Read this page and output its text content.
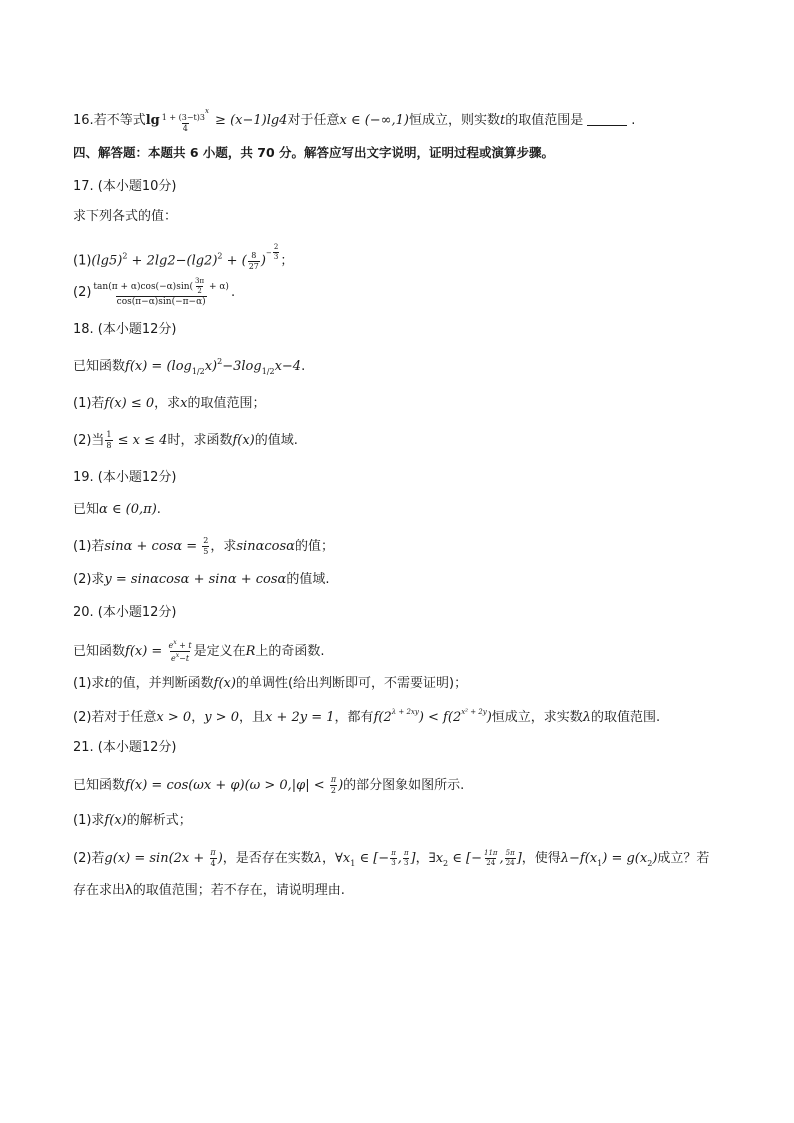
16.若不等式$\lg \frac{1 + (3-t)3^x}{4} \ge (x-1)\lg 4$对于任意x ∈ (−∞,1)恒成立，则实数t的取值范围是	.
四、解答题：本题共 6 小题，共 70 分。解答应写出文字说明，证明过程或演算步骤。
17. (本小题10分)
求下列各式的值：
$(1)(\lg 5)^2 + 2\lg 2-(\lg 2)^2$ + ( $\frac{8}{27} )^{- \frac{2}{3}}$ ；
$(2) \frac{\tan(\pi + \alpha)\cos(-\alpha)\sin( \frac{3\pi}{2} + \alpha)}{\cos(\pi-\alpha)\sin(-\pi-\alpha)}$ .
18. (本小题12分)
已知函数$f(x) = (\log_{1/2}x)^2-3\log_{1/2}x-4$.
(1)若f(x) ≤ 0，求x的取值范围；
(2)当 $\frac{1}{8} \le x \le 4$时，求函数f(x)的值域.
19. (本小题12分)
已知α ∈ (0,π).
(1)若$\sin\alpha + \cos\alpha = \frac{2}{5}$ ，求sinαcosα的值；
(2)求y = sinαcosα + sinα + cosα的值域.
20. (本小题12分)
已知函数$f(x) = \frac{e^x + t}{e^x-t}$ 是定义在R上的奇函数.
(1)求t的值，并判断函数f(x)的单调性(给出判断即可，不需要证明)；
(2)若对于任意x > 0，y > 0，且x + 2y = 1，都有$f(2^{\lambda + 2xy}) < f(2^{x^2 + 2y})$恒成立，求实数λ的取值范围.
21. (本小题12分)
已知函数$f(x) = \cos(\omega x + \varphi)(\omega > 0,|\varphi| < \frac{\pi}{2}$ )的部分图象如图所示.
(1)求f(x)的解析式；
(2)若$g(x) = \sin(2x + \frac{\pi}{4}$ )，是否存在实数λ，$\forall x_1$ ∈ [− $\frac{\pi}{3}$ , $\frac{\pi}{3}$ ]，$\exists x_2$ ∈ [− $\frac{11\pi}{24}$ , $\frac{5\pi}{24}$ ]，使得$\lambda-f(x_1) = g(x_2)$成立？若
存在求出λ的取值范围；若不存在，请说明理由.
